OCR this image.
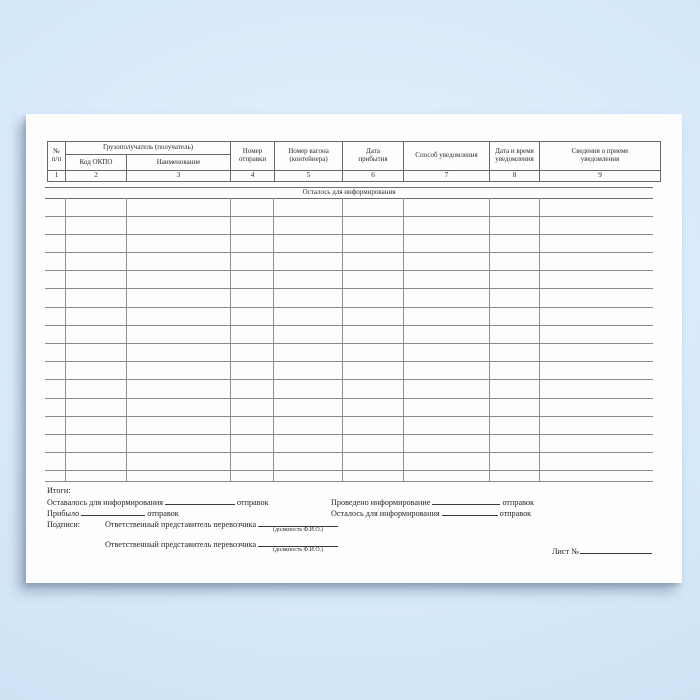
№
п/п	Грузополучатель (получатель)		Номер отправки	Номер вагона (контейнера)	Дата прибытия	Способ уведомления	Дата и время уведомления	Сведения о приеме уведомления
	Код ОКПО	Наименование						
1	2	3	4	5	6	7	8	9
Осталось для информирования
Итоги:
Оставалось для информирования	отправок	Проведено информирование	отправок
Прибыло	отправок	Осталось для информирования	отправок
Подписи:	Ответственный представитель перевозчика
(должность Ф.И.О.)
Ответственный представитель перевозчика
(должность Ф.И.О.)	Лист №
